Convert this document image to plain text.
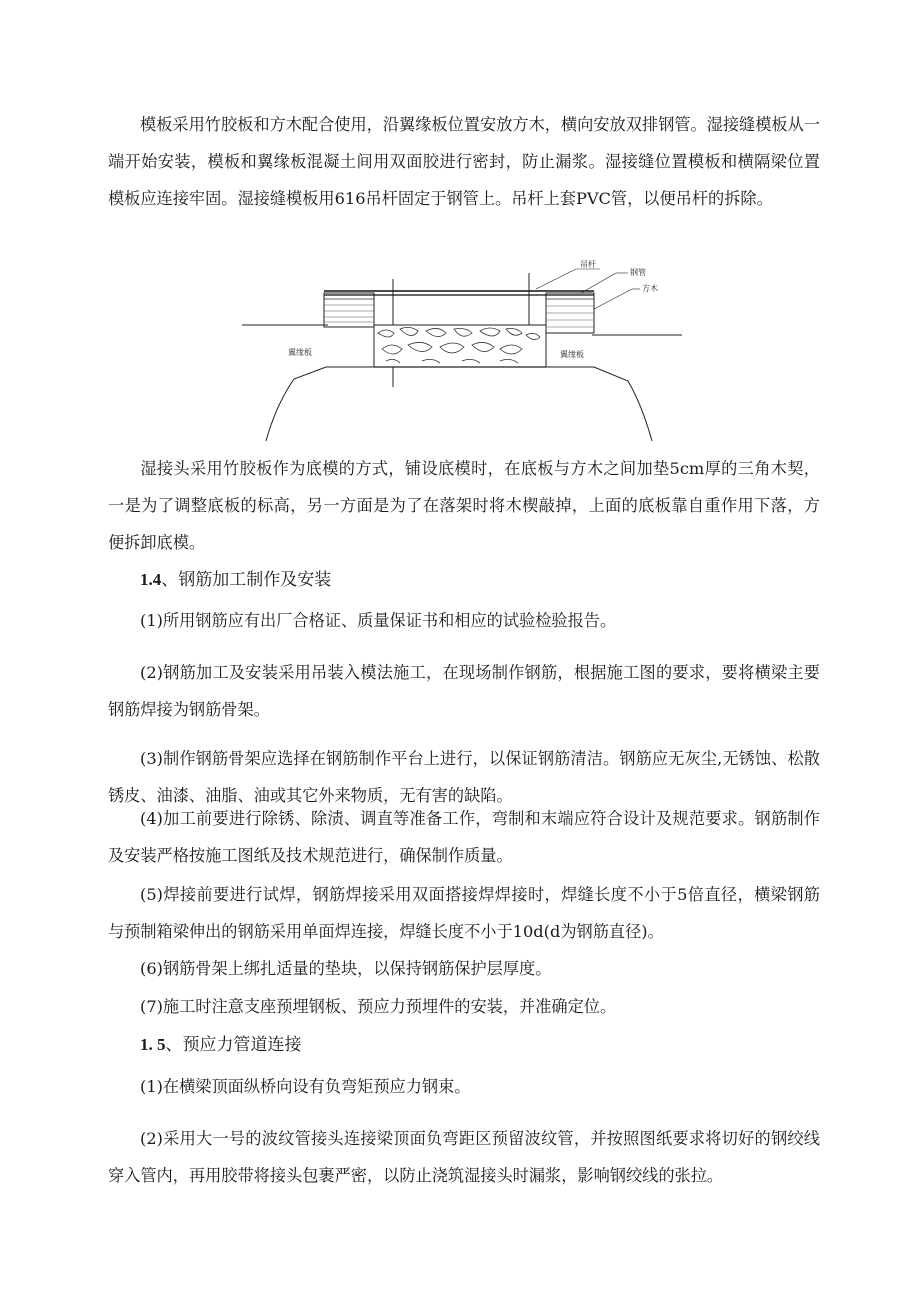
模板采用竹胶板和方木配合使用，沿翼缘板位置安放方木，横向安放双排钢管。湿接缝模板从一端开始安装，模板和翼缘板混凝土间用双面胶进行密封，防止漏浆。湿接缝位置模板和横隔梁位置模板应连接牢固。湿接缝模板用616吊杆固定于钢管上。吊杆上套PVC管，以便吊杆的拆除。

吊杆
钢管
方木
翼缘板	翼缘板

湿接头采用竹胶板作为底模的方式，铺设底模时，在底板与方木之间加垫5cm厚的三角木契，一是为了调整底板的标高，另一方面是为了在落架时将木楔敲掉，上面的底板靠自重作用下落，方便拆卸底模。

1.4、钢筋加工制作及安装

(1)所用钢筋应有出厂合格证、质量保证书和相应的试验检验报告。

(2)钢筋加工及安装采用吊装入模法施工，在现场制作钢筋，根据施工图的要求，要将横梁主要钢筋焊接为钢筋骨架。

(3)制作钢筋骨架应选择在钢筋制作平台上进行，以保证钢筋清洁。钢筋应无灰尘,无锈蚀、松散锈皮、油漆、油脂、油或其它外来物质，无有害的缺陷。

(4)加工前要进行除锈、除渍、调直等准备工作，弯制和末端应符合设计及规范要求。钢筋制作及安装严格按施工图纸及技术规范进行，确保制作质量。

(5)焊接前要进行试焊，钢筋焊接采用双面搭接焊焊接时，焊缝长度不小于5倍直径，横梁钢筋与预制箱梁伸出的钢筋采用单面焊连接，焊缝长度不小于10d(d为钢筋直径)。

(6)钢筋骨架上绑扎适量的垫块，以保持钢筋保护层厚度。

(7)施工时注意支座预埋钢板、预应力预埋件的安装，并准确定位。

1. 5、预应力管道连接

(1)在横梁顶面纵桥向设有负弯矩预应力钢束。

(2)采用大一号的波纹管接头连接梁顶面负弯距区预留波纹管，并按照图纸要求将切好的钢绞线穿入管内，再用胶带将接头包裹严密，以防止浇筑湿接头时漏浆，影响钢绞线的张拉。
